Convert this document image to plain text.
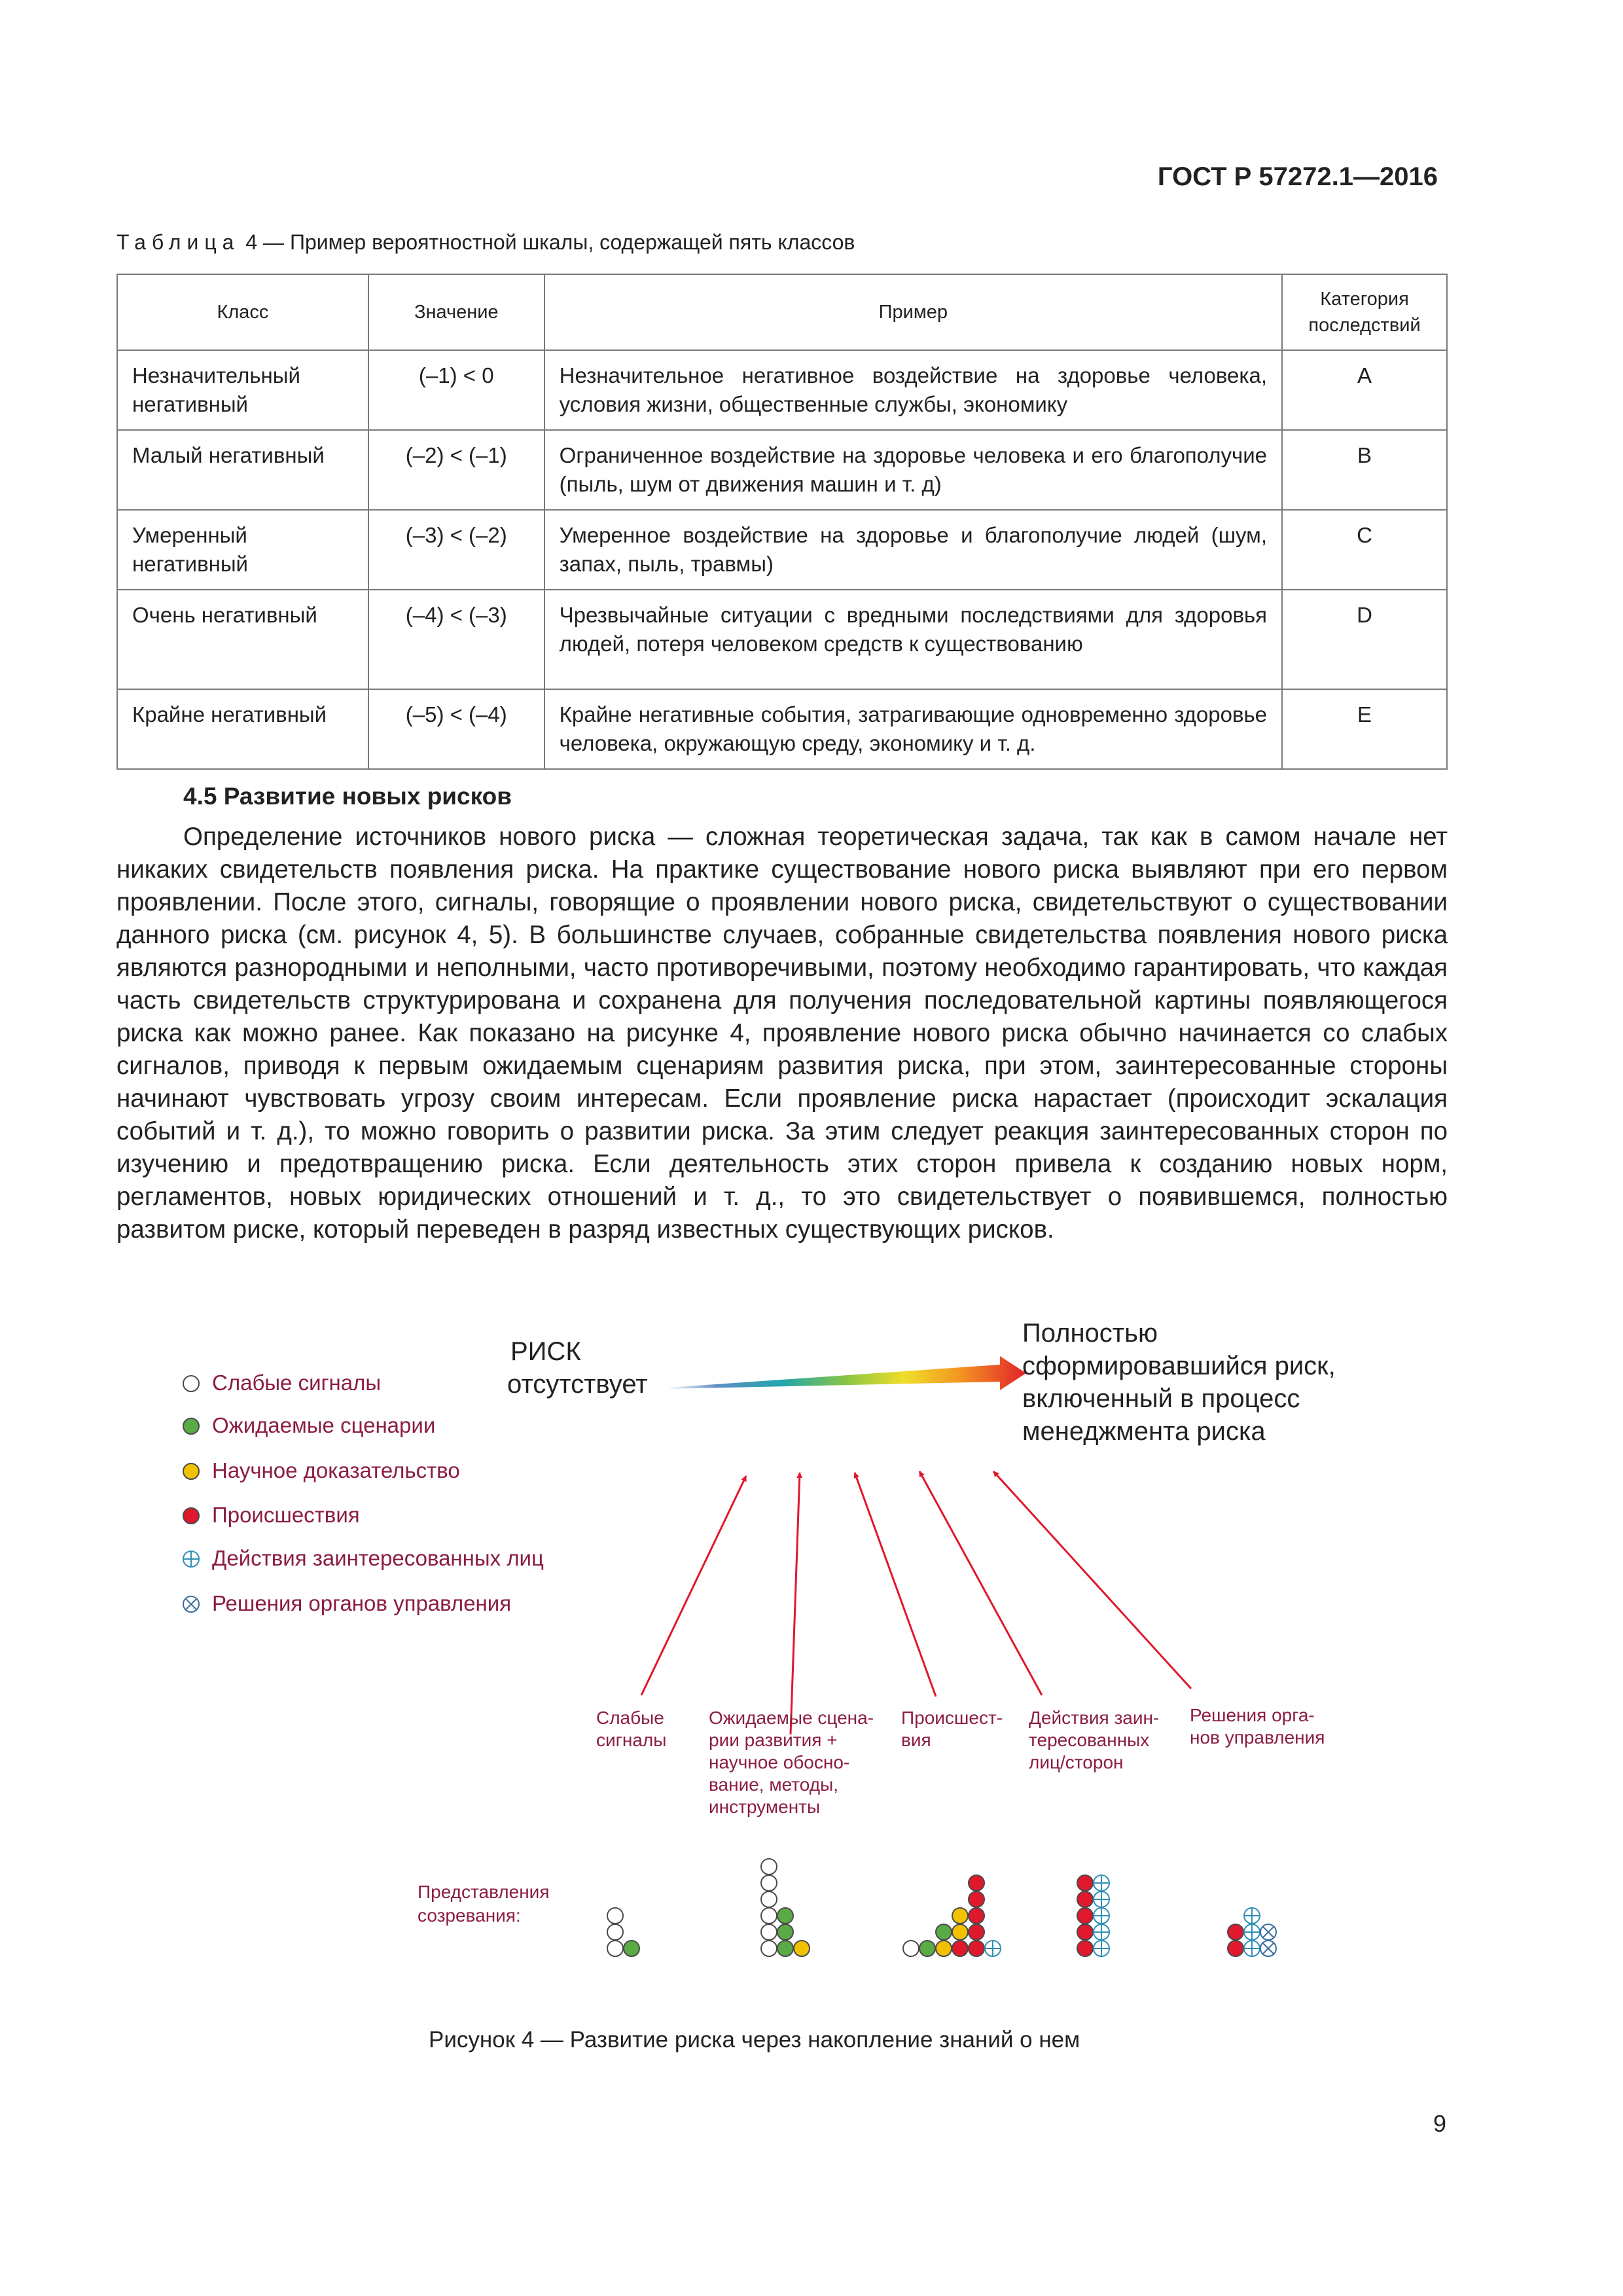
ГОСТ Р 57272.1—2016
Таблица 4 — Пример вероятностной шкалы, содержащей пять классов
Класс	Значение	Пример	Категория последствий
Незначительный негативный	(–1) < 0	Незначительное негативное воздействие на здоровье человека, условия жизни, общественные службы, экономику	A
Малый негативный	(–2) < (–1)	Ограниченное воздействие на здоровье человека и его благополучие (пыль, шум от движения машин и т. д)	B
Умеренный негативный	(–3) < (–2)	Умеренное воздействие на здоровье и благополучие людей (шум, запах, пыль, травмы)	C
Очень негативный	(–4) < (–3)	Чрезвычайные ситуации с вредными последствиями для здоровья людей, потеря человеком средств к существованию	D
Крайне негативный	(–5) < (–4)	Крайне негативные события, затрагивающие одновременно здоровье человека, окружающую среду, экономику и т. д.	E
4.5 Развитие новых рисков
Определение источников нового риска — сложная теоретическая задача, так как в самом начале нет никаких свидетельств появления риска. На практике существование нового риска выявляют при его первом проявлении. После этого, сигналы, говорящие о проявлении нового риска, свидетельствуют о существовании данного риска (см. рисунок 4, 5). В большинстве случаев, собранные свидетельства появления нового риска являются разнородными и неполными, часто противоречивыми, поэтому необходимо гарантировать, что каждая часть свидетельств структурирована и сохранена для получения последовательной картины появляющегося риска как можно ранее. Как показано на рисунке 4, проявление нового риска обычно начинается со слабых сигналов, приводя к первым ожидаемым сценариям развития риска, при этом, заинтересованные стороны начинают чувствовать угрозу своим интересам. Если проявление риска нарастает (происходит эскалация событий и т. д.), то можно говорить о развитии риска. За этим следует реакция заинтересованных сторон по изучению и предотвращению риска. Если деятельность этих сторон привела к созданию новых норм, регламентов, новых юридических отношений и т. д., то это свидетельствует о появившемся, полностью развитом риске, который переведен в разряд известных существующих рисков.
Слабые сигналы
Ожидаемые сценарии
Научное доказательство
Происшествия
Действия заинтересованных лиц
Решения органов управления
РИСК отсутствует
Полностью сформировавшийся риск, включенный в процесс менеджмента риска
Слабые сигналы
Ожидаемые сцена-рии развития + научное обосно-вание, методы, инструменты
Происшест-вия
Действия заин-тересованных лиц/сторон
Решения орга-нов управления
Представления созревания:
Рисунок 4 — Развитие риска через накопление знаний о нем
9
